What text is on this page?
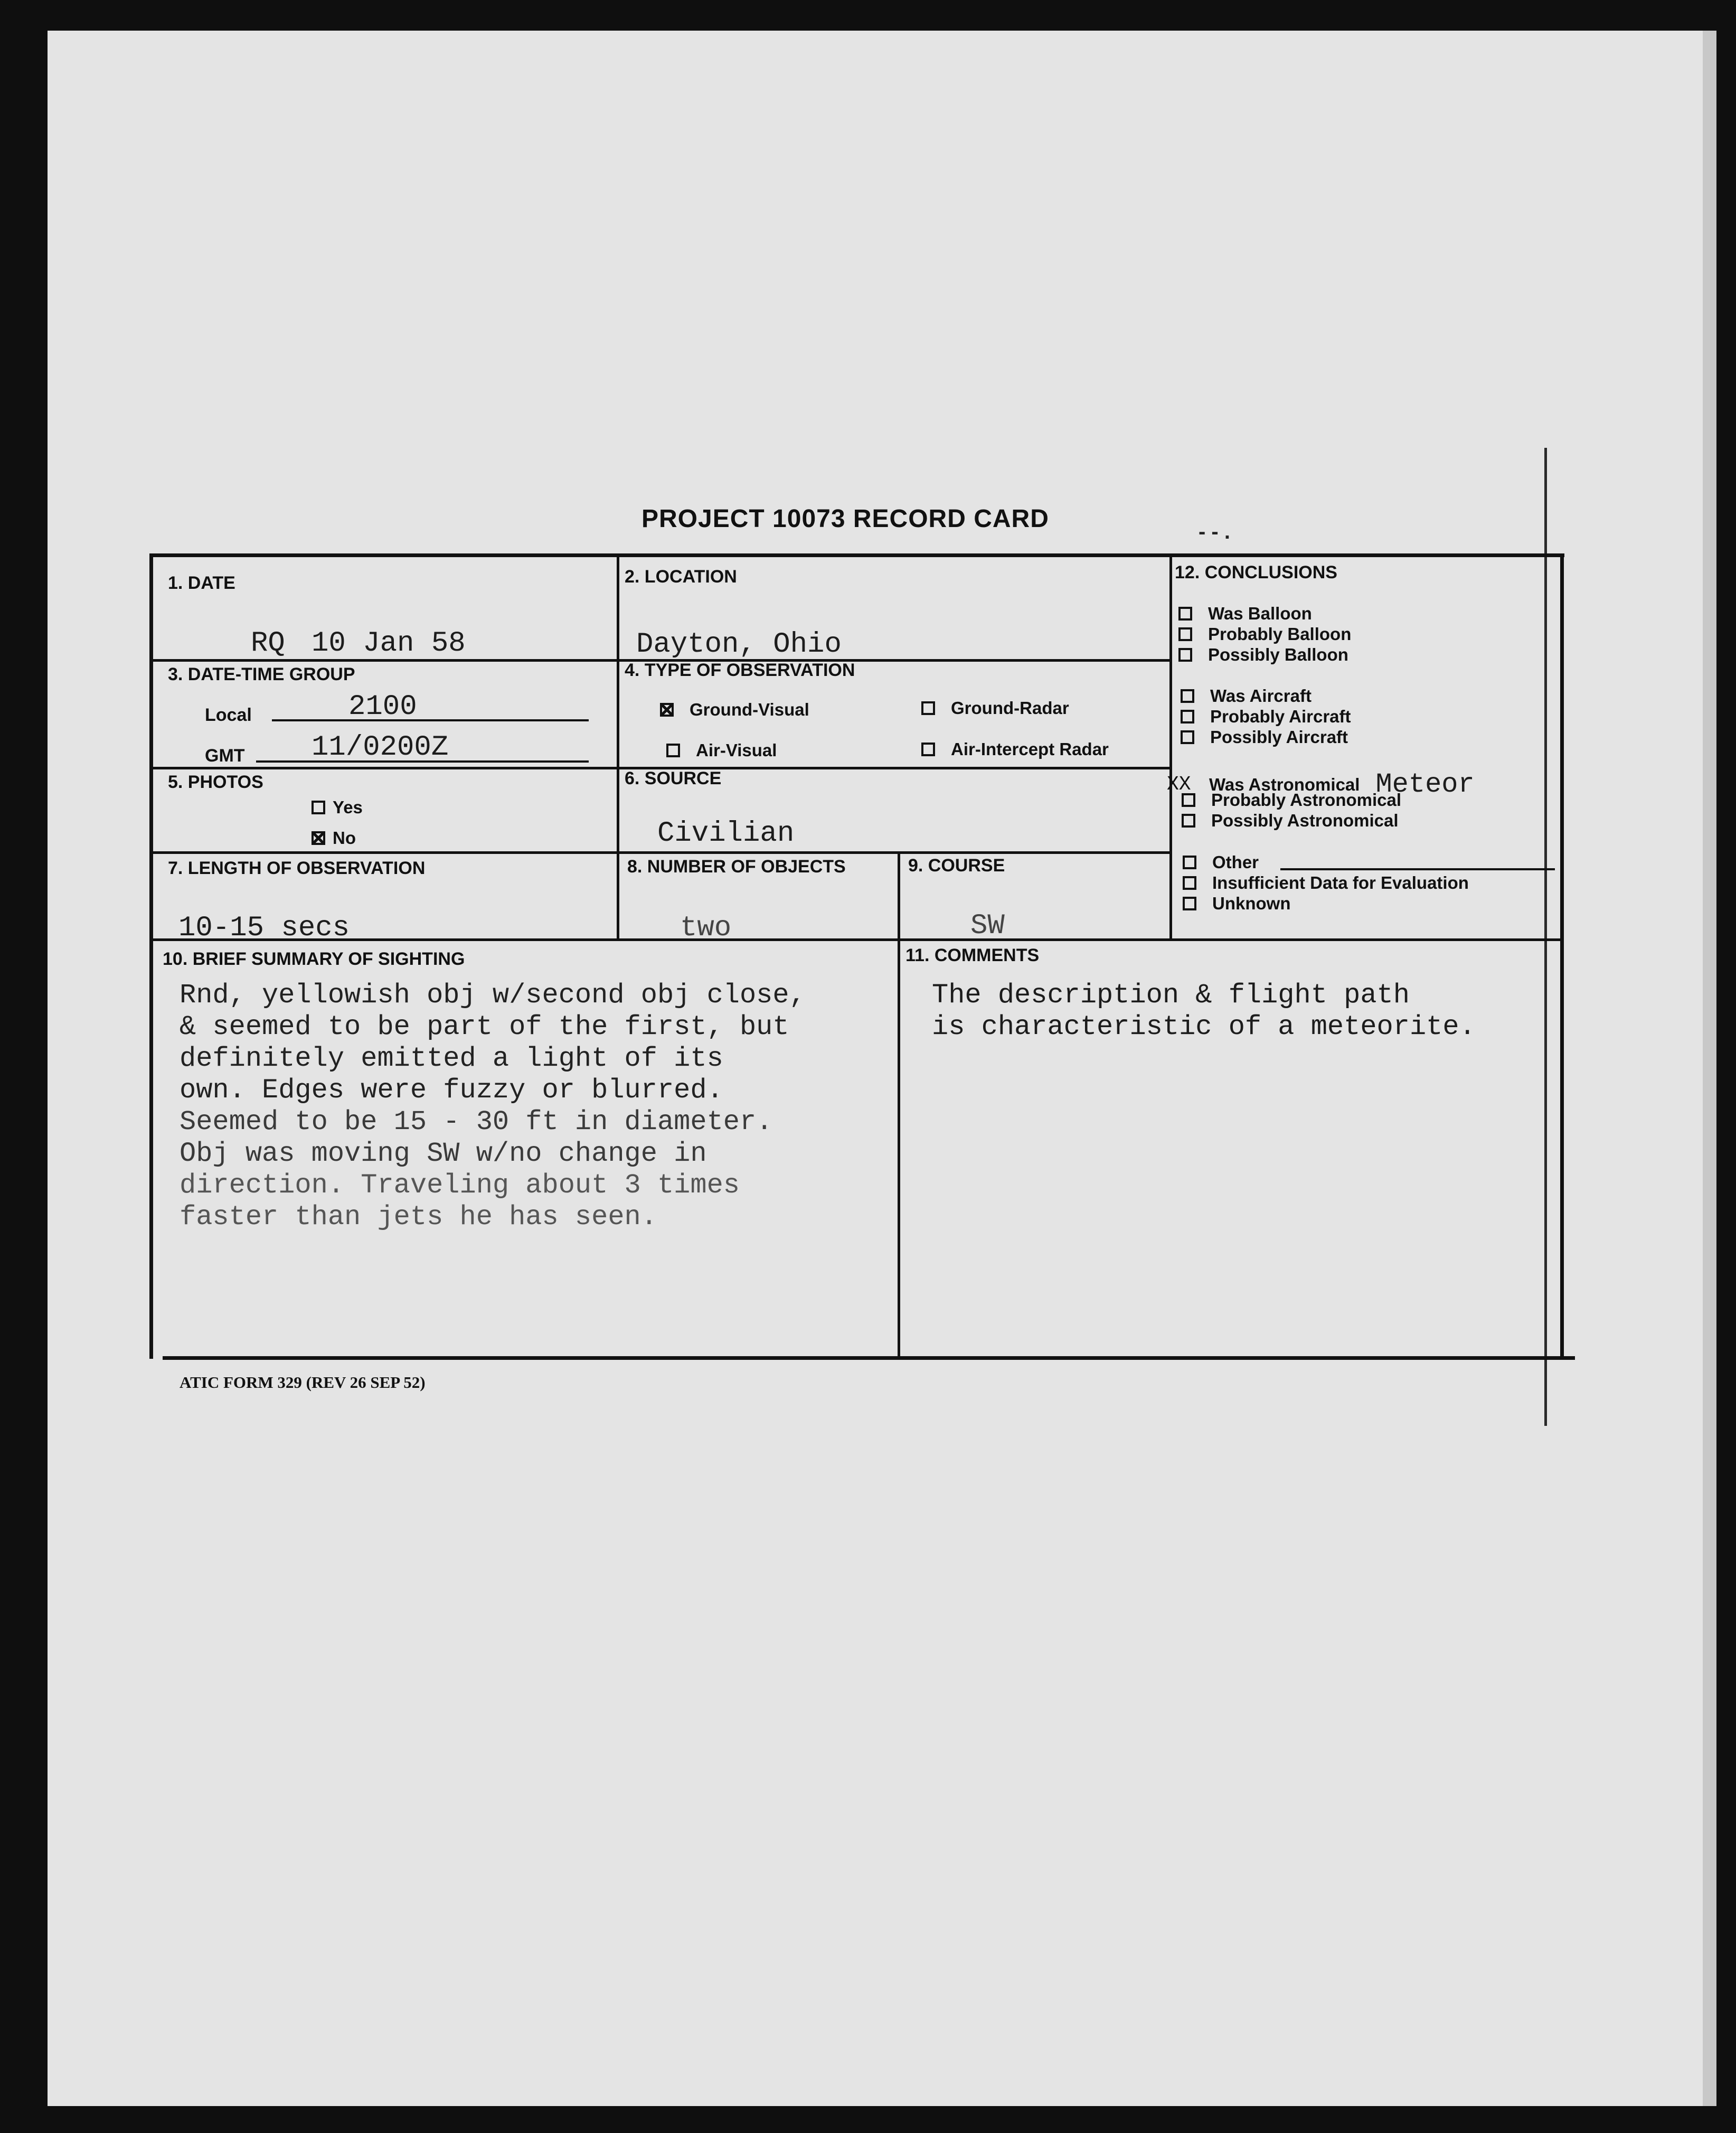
- - .
PROJECT 10073 RECORD CARD
1. DATE
RQ 10 Jan 58
2. LOCATION
Dayton, Ohio
3. DATE-TIME GROUP
Local	2100
GMT 11/0200Z
4. TYPE OF OBSERVATION
Ground-Visual	Ground-Radar
Air-Visual	Air-Intercept Radar
5. PHOTOS
Yes
No
6. SOURCE
Civilian
7. LENGTH OF OBSERVATION
10-15 secs
8. NUMBER OF OBJECTS
two
9. COURSE
SW
10. BRIEF SUMMARY OF SIGHTING
Rnd, yellowish obj w/second obj close,
& seemed to be part of the first, but
definitely emitted a light of its
own. Edges were fuzzy or blurred.
Seemed to be 15 - 30 ft in diameter.
Obj was moving SW w/no change in
direction. Traveling about 3 times
faster than jets he has seen.
11. COMMENTS
The description & flight path
is characteristic of a meteorite.
12. CONCLUSIONS
Was Balloon
Probably Balloon
Possibly Balloon
Was Aircraft
Probably Aircraft
Possibly Aircraft
XX	Was Astronomical Meteor
Probably Astronomical
Possibly Astronomical
Other
Insufficient Data for Evaluation
Unknown
ATIC FORM 329 (REV 26 SEP 52)
